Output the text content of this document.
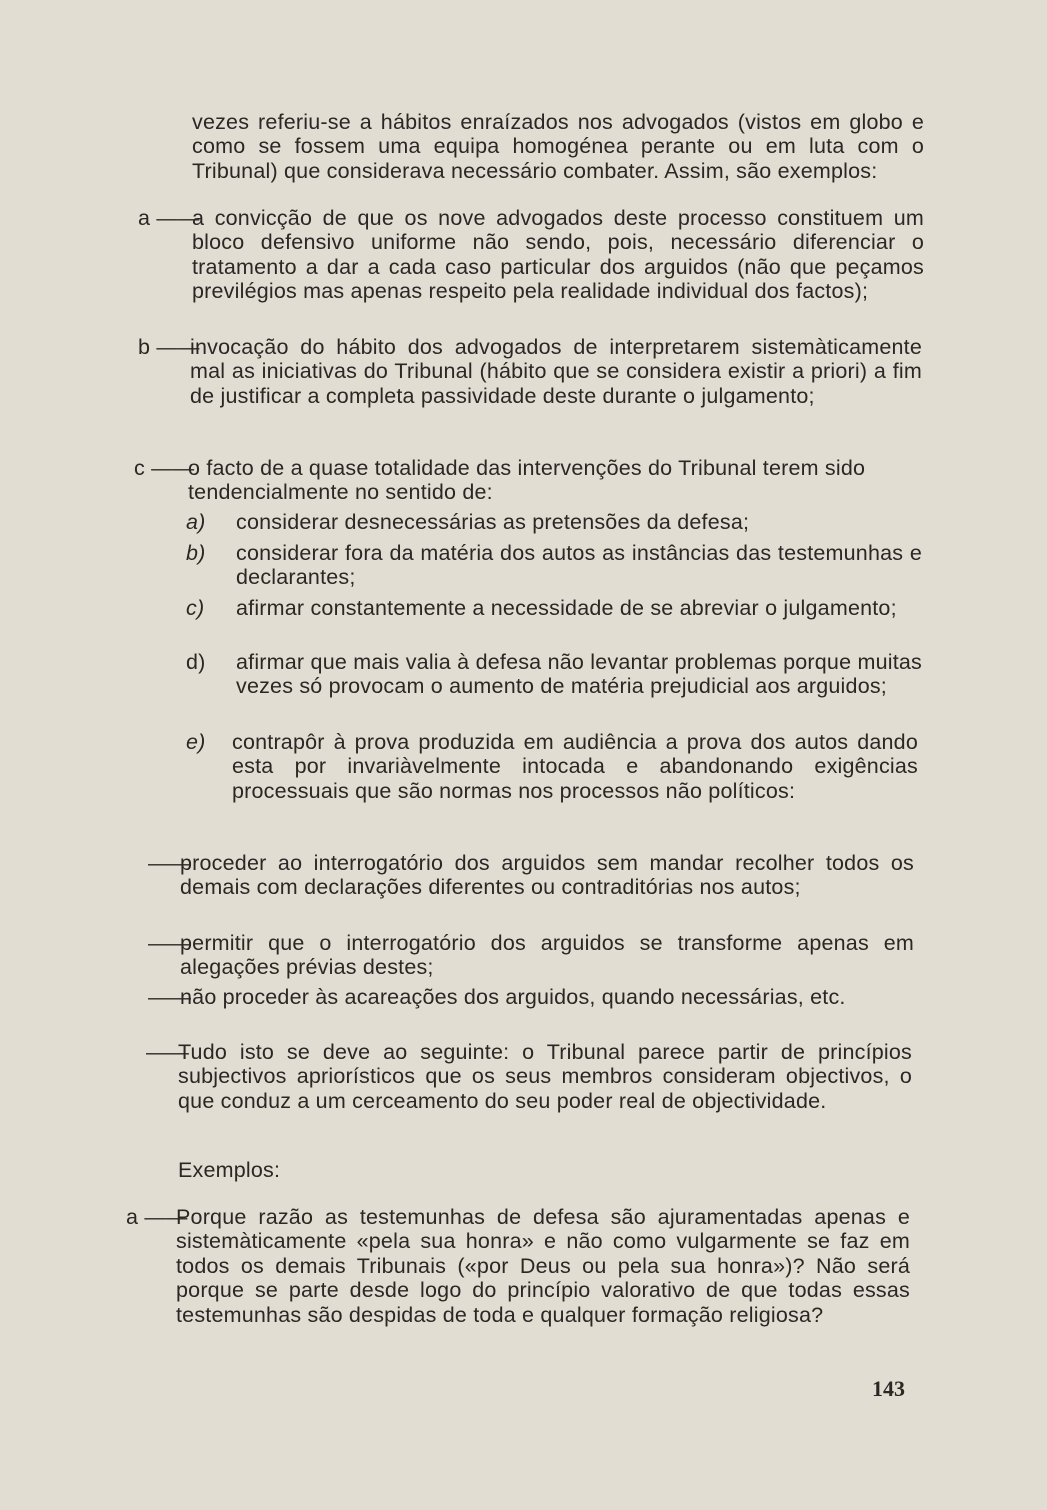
vezes referiu-se a hábitos enraízados nos advogados (vistos em globo e como se fossem uma equipa homogénea perante ou em luta com o Tribunal) que considerava necessário combater. Assim, são exemplos:
a ——
a convicção de que os nove advogados deste processo constituem um bloco defensivo uniforme não sendo, pois, necessário diferenciar o tratamento a dar a cada caso particular dos arguidos (não que peçamos previlégios mas apenas respeito pela realidade individual dos factos);
b ——
invocação do hábito dos advogados de interpretarem sistemàticamente mal as iniciativas do Tribunal (hábito que se considera existir a priori) a fim de justificar a completa passividade deste durante o julgamento;
c ——
o facto de a quase totalidade das intervenções do Tribunal terem sido tendencialmente no sentido de:
a) considerar desnecessárias as pretensões da defesa;
b) considerar fora da matéria dos autos as instâncias das testemunhas e declarantes;
c) afirmar constantemente a necessidade de se abreviar o julgamento;
d) afirmar que mais valia à defesa não levantar problemas porque muitas vezes só provocam o aumento de matéria prejudicial aos arguidos;
e) contrapôr à prova produzida em audiência a prova dos autos dando esta por invariàvelmente intocada e abandonando exigências processuais que são normas nos processos não políticos:
——
proceder ao interrogatório dos arguidos sem mandar recolher todos os demais com declarações diferentes ou contraditórias nos autos;
——
permitir que o interrogatório dos arguidos se transforme apenas em alegações prévias destes;
——
não proceder às acareações dos arguidos, quando necessárias, etc.
——
Tudo isto se deve ao seguinte: o Tribunal parece partir de princípios subjectivos apriorísticos que os seus membros consideram objectivos, o que conduz a um cerceamento do seu poder real de objectividade.
Exemplos:
a ——
Porque razão as testemunhas de defesa são ajuramentadas apenas e sistemàticamente «pela sua honra» e não como vulgarmente se faz em todos os demais Tribunais («por Deus ou pela sua honra»)? Não será porque se parte desde logo do princípio valorativo de que todas essas testemunhas são despidas de toda e qualquer formação religiosa?
143
